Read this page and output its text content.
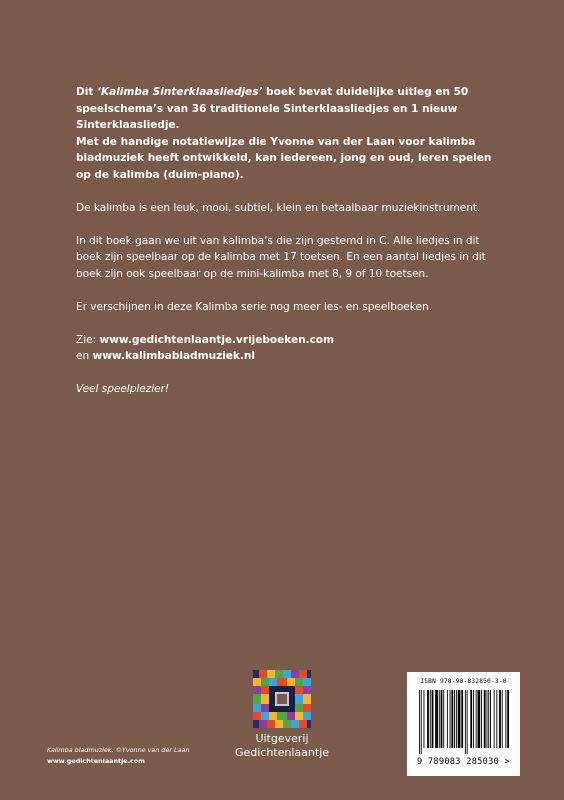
Dit ‘Kalimba Sinterklaasliedjes’ boek bevat duidelijke uitleg en 50 speelschema’s van 36 traditionele Sinterklaasliedjes en 1 nieuw Sinterklaasliedje.

Met de handige notatiewijze die Yvonne van der Laan voor kalimba bladmuziek heeft ontwikkeld, kan iedereen, jong en oud, leren spelen op de kalimba (duim-piano).

De kalimba is een leuk, mooi, subtiel, klein en betaalbaar muziekinstrument.

In dit boek gaan we uit van kalimba’s die zijn gestemd in C. Alle liedjes in dit boek zijn speelbaar op de kalimba met 17 toetsen. En een aantal liedjes in dit boek zijn ook speelbaar op de mini-kalimba met 8, 9 of 10 toetsen.

Er verschijnen in deze Kalimba serie nog meer les- en speelboeken.

Zie: www.gedichtenlaantje.vrijeboeken.com

en www.kalimbabladmuziek.nl

Veel speelplezier!

Kalimba bladmuziek, ©Yvonne van der Laan
www.gedichtenlaantje.com
Uitgeverij
Gedichtenlaantje
ISBN 978-90-832850-3-0
9 789083 285030 >
